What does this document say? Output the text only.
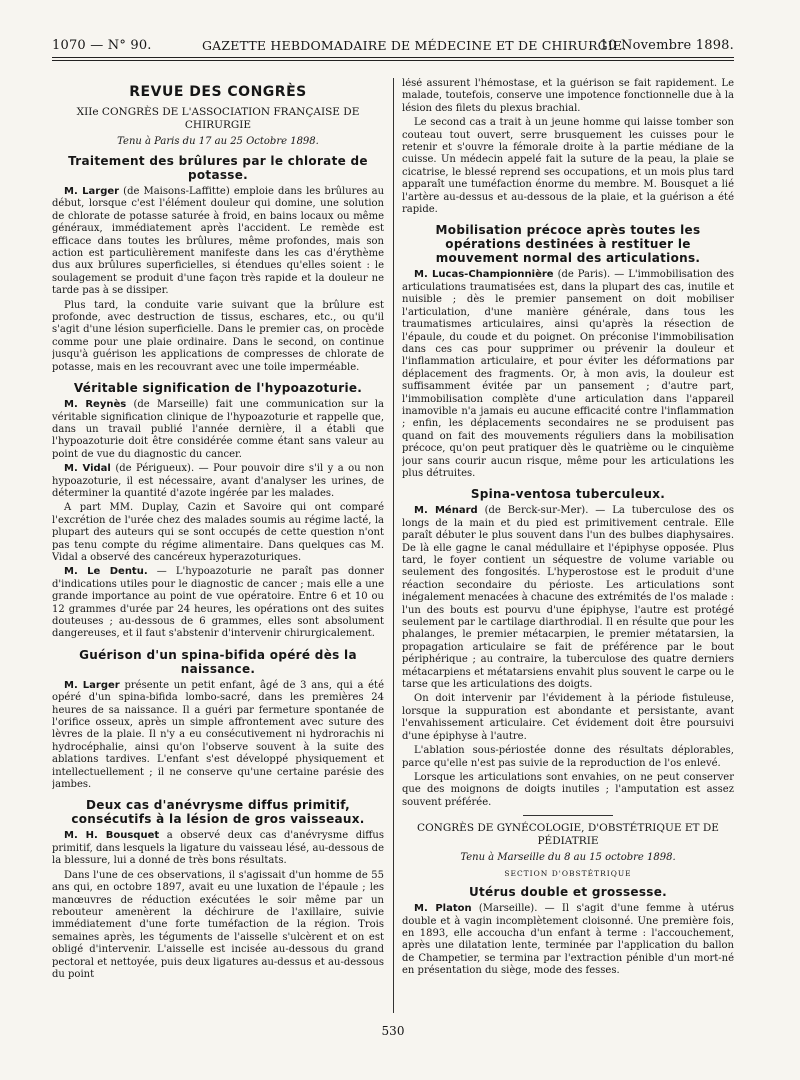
1070 — N° 90.	GAZETTE HEBDOMADAIRE DE MÉDECINE ET DE CHIRURGIE.
10 Novembre 1898.
REVUE DES CONGRÈS
XIIe CONGRÈS DE L'ASSOCIATION FRANÇAISE DE CHIRURGIE
Tenu à Paris du 17 au 25 Octobre 1898.
Traitement des brûlures par le chlorate de potasse.

M. Larger (de Maisons-Laffitte) emploie dans les brûlures au début, lorsque c'est l'élément douleur qui domine, une solution de chlorate de potasse saturée à froid, en bains locaux ou même généraux, immédiatement après l'accident. Le remède est efficace dans toutes les brûlures, même profondes, mais son action est particulièrement manifeste dans les cas d'érythème dus aux brûlures superficielles, si étendues qu'elles soient : le soulagement se produit d'une façon très rapide et la douleur ne tarde pas à se dissiper.

Plus tard, la conduite varie suivant que la brûlure est profonde, avec destruction de tissus, eschares, etc., ou qu'il s'agit d'une lésion superficielle. Dans le premier cas, on procède comme pour une plaie ordinaire. Dans le second, on continue jusqu'à guérison les applications de compresses de chlorate de potasse, mais en les recouvrant avec une toile imperméable.

Véritable signification de l'hypoazoturie.

M. Reynès (de Marseille) fait une communication sur la véritable signification clinique de l'hypoazoturie et rappelle que, dans un travail publié l'année dernière, il a établi que l'hypoazoturie doit être considérée comme étant sans valeur au point de vue du diagnostic du cancer.

M. Vidal (de Périgueux). — Pour pouvoir dire s'il y a ou non hypoazoturie, il est nécessaire, avant d'analyser les urines, de déterminer la quantité d'azote ingérée par les malades.

A part MM. Duplay, Cazin et Savoire qui ont comparé l'excrétion de l'urée chez des malades soumis au régime lacté, la plupart des auteurs qui se sont occupés de cette question n'ont pas tenu compte du régime alimentaire. Dans quelques cas M. Vidal a observé des cancéreux hyperazoturiques.

M. Le Dentu. — L'hypoazoturie ne paraît pas donner d'indications utiles pour le diagnostic de cancer ; mais elle a une grande importance au point de vue opératoire. Entre 6 et 10 ou 12 grammes d'urée par 24 heures, les opérations ont des suites douteuses ; au-dessous de 6 grammes, elles sont absolument dangereuses, et il faut s'abstenir d'intervenir chirurgicalement.

Guérison d'un spina-bifida opéré dès la naissance.

M. Larger présente un petit enfant, âgé de 3 ans, qui a été opéré d'un spina-bifida lombo-sacré, dans les premières 24 heures de sa naissance. Il a guéri par fermeture spontanée de l'orifice osseux, après un simple affrontement avec suture des lèvres de la plaie. Il n'y a eu consécutivement ni hydrorachis ni hydrocéphalie, ainsi qu'on l'observe souvent à la suite des ablations tardives. L'enfant s'est développé physiquement et intellectuellement ; il ne conserve qu'une certaine parésie des jambes.

Deux cas d'anévrysme diffus primitif, consécutifs à la lésion de gros vaisseaux.

M. H. Bousquet a observé deux cas d'anévrysme diffus primitif, dans lesquels la ligature du vaisseau lésé, au-dessous de la blessure, lui a donné de très bons résultats.

Dans l'une de ces observations, il s'agissait d'un homme de 55 ans qui, en octobre 1897, avait eu une luxation de l'épaule ; les manœuvres de réduction exécutées le soir même par un rebouteur amenèrent la déchirure de l'axillaire, suivie immédiatement d'une forte tuméfaction de la région. Trois semaines après, les téguments de l'aisselle s'ulcèrent et on est obligé d'intervenir. L'aisselle est incisée au-dessous du grand pectoral et nettoyée, puis deux ligatures au-dessus et au-dessous du point

lésé assurent l'hémostase, et la guérison se fait rapidement. Le malade, toutefois, conserve une impotence fonctionnelle due à la lésion des filets du plexus brachial.

Le second cas a trait à un jeune homme qui laisse tomber son couteau tout ouvert, serre brusquement les cuisses pour le retenir et s'ouvre la fémorale droite à la partie médiane de la cuisse. Un médecin appelé fait la suture de la peau, la plaie se cicatrise, le blessé reprend ses occupations, et un mois plus tard apparaît une tuméfaction énorme du membre. M. Bousquet a lié l'artère au-dessus et au-dessous de la plaie, et la guérison a été rapide.

Mobilisation précoce après toutes les opérations destinées à restituer le mouvement normal des articulations.

M. Lucas-Championnière (de Paris). — L'immobilisation des articulations traumatisées est, dans la plupart des cas, inutile et nuisible ; dès le premier pansement on doit mobiliser l'articulation, d'une manière générale, dans tous les traumatismes articulaires, ainsi qu'après la résection de l'épaule, du coude et du poignet. On préconise l'immobilisation dans ces cas pour supprimer ou prévenir la douleur et l'inflammation articulaire, et pour éviter les déformations par déplacement des fragments. Or, à mon avis, la douleur est suffisamment évitée par un pansement ; d'autre part, l'immobilisation complète d'une articulation dans l'appareil inamovible n'a jamais eu aucune efficacité contre l'inflammation ; enfin, les déplacements secondaires ne se produisent pas quand on fait des mouvements réguliers dans la mobilisation précoce, qu'on peut pratiquer dès le quatrième ou le cinquième jour sans courir aucun risque, même pour les articulations les plus détruites.

Spina-ventosa tuberculeux.

M. Ménard (de Berck-sur-Mer). — La tuberculose des os longs de la main et du pied est primitivement centrale. Elle paraît débuter le plus souvent dans l'un des bulbes diaphysaires. De là elle gagne le canal médullaire et l'épiphyse opposée. Plus tard, le foyer contient un séquestre de volume variable ou seulement des fongosités. L'hyperostose est le produit d'une réaction secondaire du périoste. Les articulations sont inégalement menacées à chacune des extrémités de l'os malade : l'un des bouts est pourvu d'une épiphyse, l'autre est protégé seulement par le cartilage diarthrodial. Il en résulte que pour les phalanges, le premier métacarpien, le premier métatarsien, la propagation articulaire se fait de préférence par le bout périphérique ; au contraire, la tuberculose des quatre derniers métacarpiens et métatarsiens envahit plus souvent le carpe ou le tarse que les articulations des doigts.

On doit intervenir par l'évidement à la période fistuleuse, lorsque la suppuration est abondante et persistante, avant l'envahissement articulaire. Cet évidement doit être poursuivi d'une épiphyse à l'autre.

L'ablation sous-périostée donne des résultats déplorables, parce qu'elle n'est pas suivie de la reproduction de l'os enlevé.

Lorsque les articulations sont envahies, on ne peut conserver que des moignons de doigts inutiles ; l'amputation est assez souvent préférée.

CONGRÈS DE GYNÉCOLOGIE, D'OBSTÉTRIQUE ET DE PÉDIATRIE
Tenu à Marseille du 8 au 15 octobre 1898.
SECTION D'OBSTÉTRIQUE
Utérus double et grossesse.

M. Platon (Marseille). — Il s'agit d'une femme à utérus double et à vagin incomplètement cloisonné. Une première fois, en 1893, elle accoucha d'un enfant à terme : l'accouchement, après une dilatation lente, terminée par l'application du ballon de Champetier, se termina par l'extraction pénible d'un mort-né en présentation du siège, mode des fesses.

530
